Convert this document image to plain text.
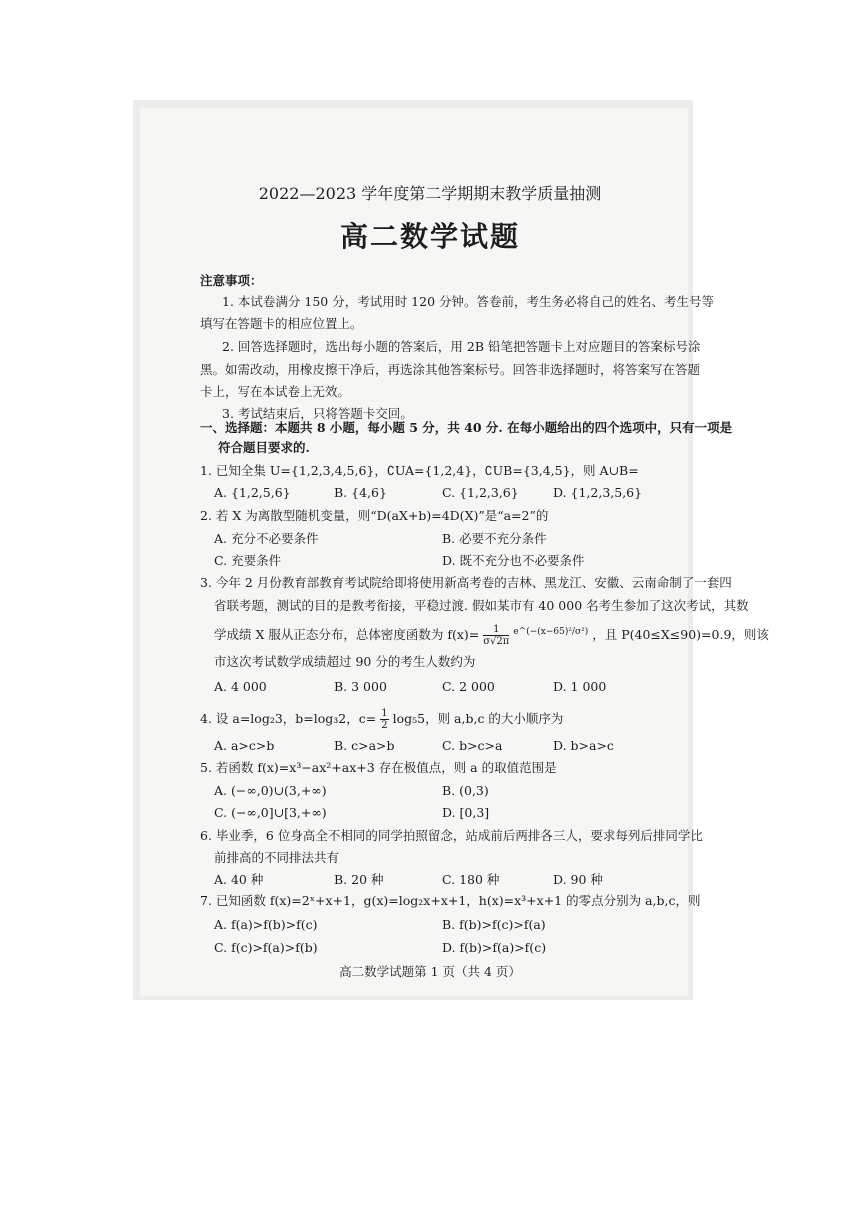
2022—2023 学年度第二学期期末教学质量抽测
高二数学试题
注意事项：
1. 本试卷满分 150 分，考试用时 120 分钟。答卷前，考生务必将自己的姓名、考生号等
填写在答题卡的相应位置上。
2. 回答选择题时，选出每小题的答案后，用 2B 铅笔把答题卡上对应题目的答案标号涂
黑。如需改动，用橡皮擦干净后，再选涂其他答案标号。回答非选择题时，将答案写在答题
卡上，写在本试卷上无效。
3. 考试结束后，只将答题卡交回。
一、选择题：本题共 8 小题，每小题 5 分，共 40 分. 在每小题给出的四个选项中，只有一项是
符合题目要求的.
1. 已知全集 U={1,2,3,4,5,6}，∁UA={1,2,4}，∁UB={3,4,5}，则 A∪B=
A. {1,2,5,6}	B. {4,6}	C. {1,2,3,6}	D. {1,2,3,5,6}
2. 若 X 为离散型随机变量，则“D(aX+b)=4D(X)”是“a=2”的
A. 充分不必要条件	B. 必要不充分条件
C. 充要条件	D. 既不充分也不必要条件
3. 今年 2 月份教育部教育考试院给即将使用新高考卷的吉林、黑龙江、安徽、云南命制了一套四
省联考题，测试的目的是教考衔接，平稳过渡. 假如某市有 40 000 名考生参加了这次考试，其数
学成绩 X 服从正态分布，总体密度函数为 $f(x)= \frac{1}{\sigma√2\pi} ^{e\^{}(-(x-65)^2/\sigma^2)}$ ，且 P(40≤X≤90)=0.9，则该
市这次考试数学成绩超过 90 分的考生人数约为
A. 4 000	B. 3 000	C. 2 000	D. 1 000
4. 设 a=log₂3，b=log₃2，$c= \frac{1}{2} \log_55$，则 a,b,c 的大小顺序为
A. a>c>b	B. c>a>b	C. b>c>a	D. b>a>c
5. 若函数 f(x)=x³−ax²+ax+3 存在极值点，则 a 的取值范围是
A. (−∞,0)∪(3,+∞)	B. (0,3)
C. (−∞,0]∪[3,+∞)	D. [0,3]
6. 毕业季，6 位身高全不相同的同学拍照留念，站成前后两排各三人，要求每列后排同学比
前排高的不同排法共有
A. 40 种	B. 20 种	C. 180 种	D. 90 种
7. 已知函数 f(x)=2ˣ+x+1，g(x)=log₂x+x+1，h(x)=x³+x+1 的零点分别为 a,b,c，则
A. f(a)>f(b)>f(c)	B. f(b)>f(c)>f(a)
C. f(c)>f(a)>f(b)	D. f(b)>f(a)>f(c)
高二数学试题第 1 页（共 4 页）
